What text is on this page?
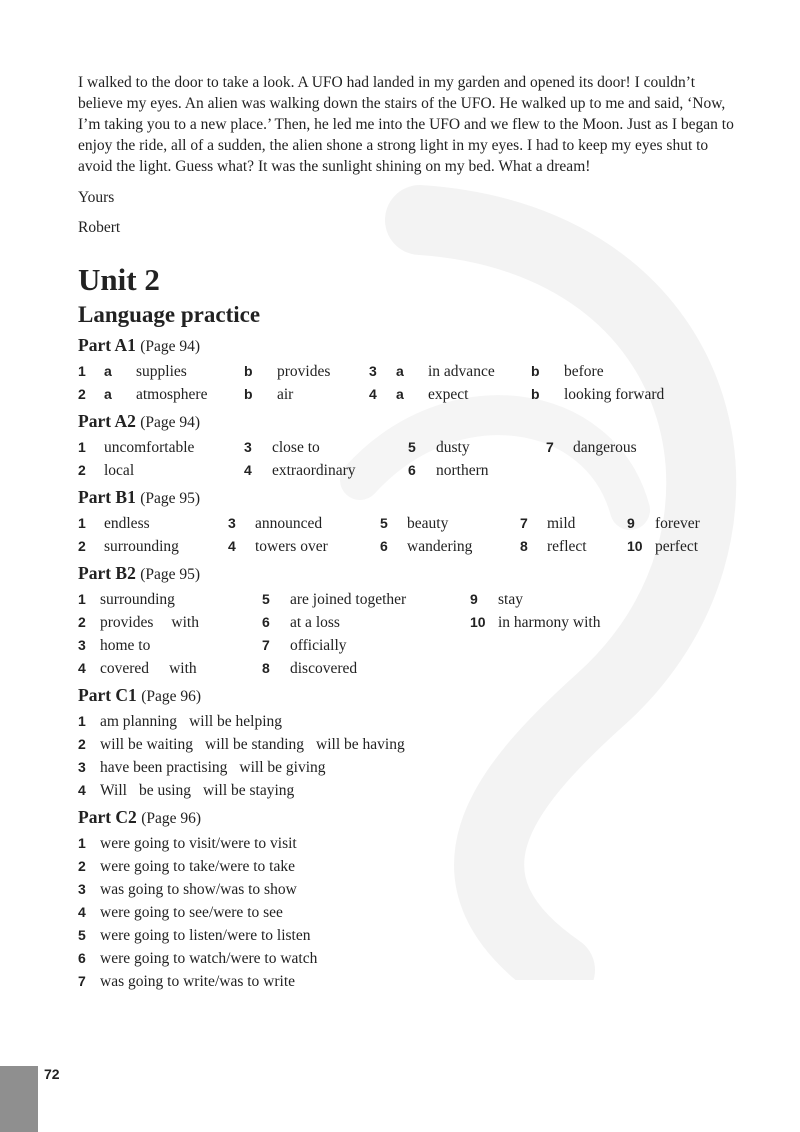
I walked to the door to take a look. A UFO had landed in my garden and opened its door! I couldn’t believe my eyes. An alien was walking down the stairs of the UFO. He walked up to me and said, ‘Now, I’m taking you to a new place.’ Then, he led me into the UFO and we flew to the Moon. Just as I began to enjoy the ride, all of a sudden, the alien shone a strong light in my eyes. I had to keep my eyes shut to avoid the light. Guess what? It was the sunlight shining on my bed. What a dream!

Yours
Robert
Unit 2
Language practice
Part A1 (Page 94)
1	a	supplies	b	provides	3	a	in advance	b	before
2	a	atmosphere	b	air	4	a	expect	b	looking forward
Part A2 (Page 94)
1	uncomfortable	3	close to	5	dusty	7	dangerous
2	local	4	extraordinary	6	northern
Part B1 (Page 95)
1	endless	3	announced	5	beauty	7	mild	9	forever
2	surrounding	4	towers over	6	wandering	8	reflect	10 perfect
Part B2 (Page 95)
1 surrounding	5	are joined together	9	stay
2 provides with	6	at a loss	10 in harmony with
3 home to	7	officially
4 covered with	8	discovered
Part C1 (Page 96)
1 am planning will be helping
2 will be waiting will be standing will be having
3 have been practising will be giving
4 Will be using will be staying
Part C2 (Page 96)
1 were going to visit/were to visit
2 were going to take/were to take
3 was going to show/was to show
4 were going to see/were to see
5 were going to listen/were to listen
6 were going to watch/were to watch
7 was going to write/was to write
72
